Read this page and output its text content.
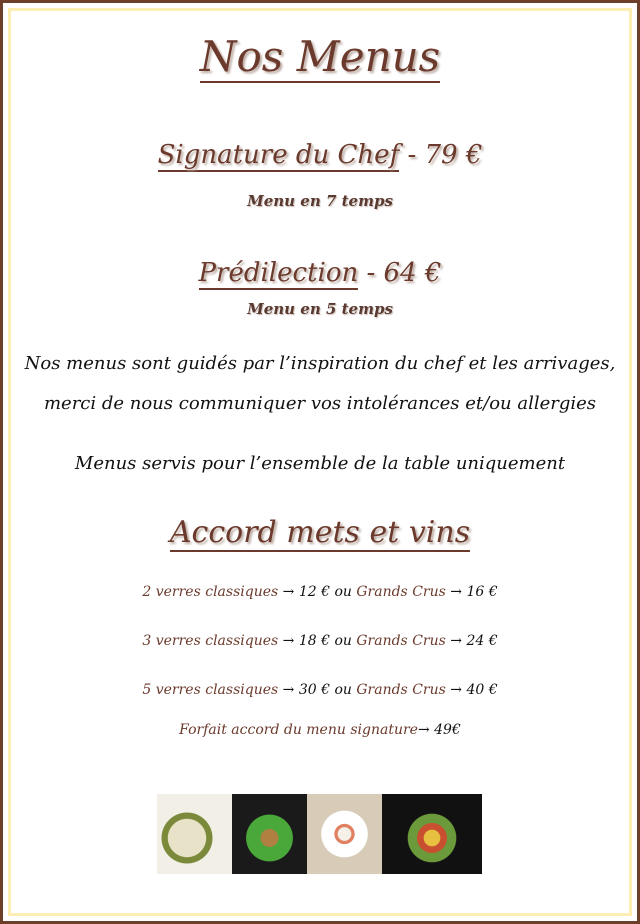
Nos Menus
Signature du Chef - 79 €
Menu en 7 temps
Prédilection - 64 €
Menu en 5 temps
Nos menus sont guidés par l’inspiration du chef et les arrivages,
merci de nous communiquer vos intolérances et/ou allergies
Menus servis pour l’ensemble de la table uniquement
Accord mets et vins
2 verres classiques → 12 € ou Grands Crus → 16 €
3 verres classiques → 18 € ou Grands Crus → 24 €
5 verres classiques → 30 € ou Grands Crus → 40 €
Forfait accord du menu signature→ 49€
